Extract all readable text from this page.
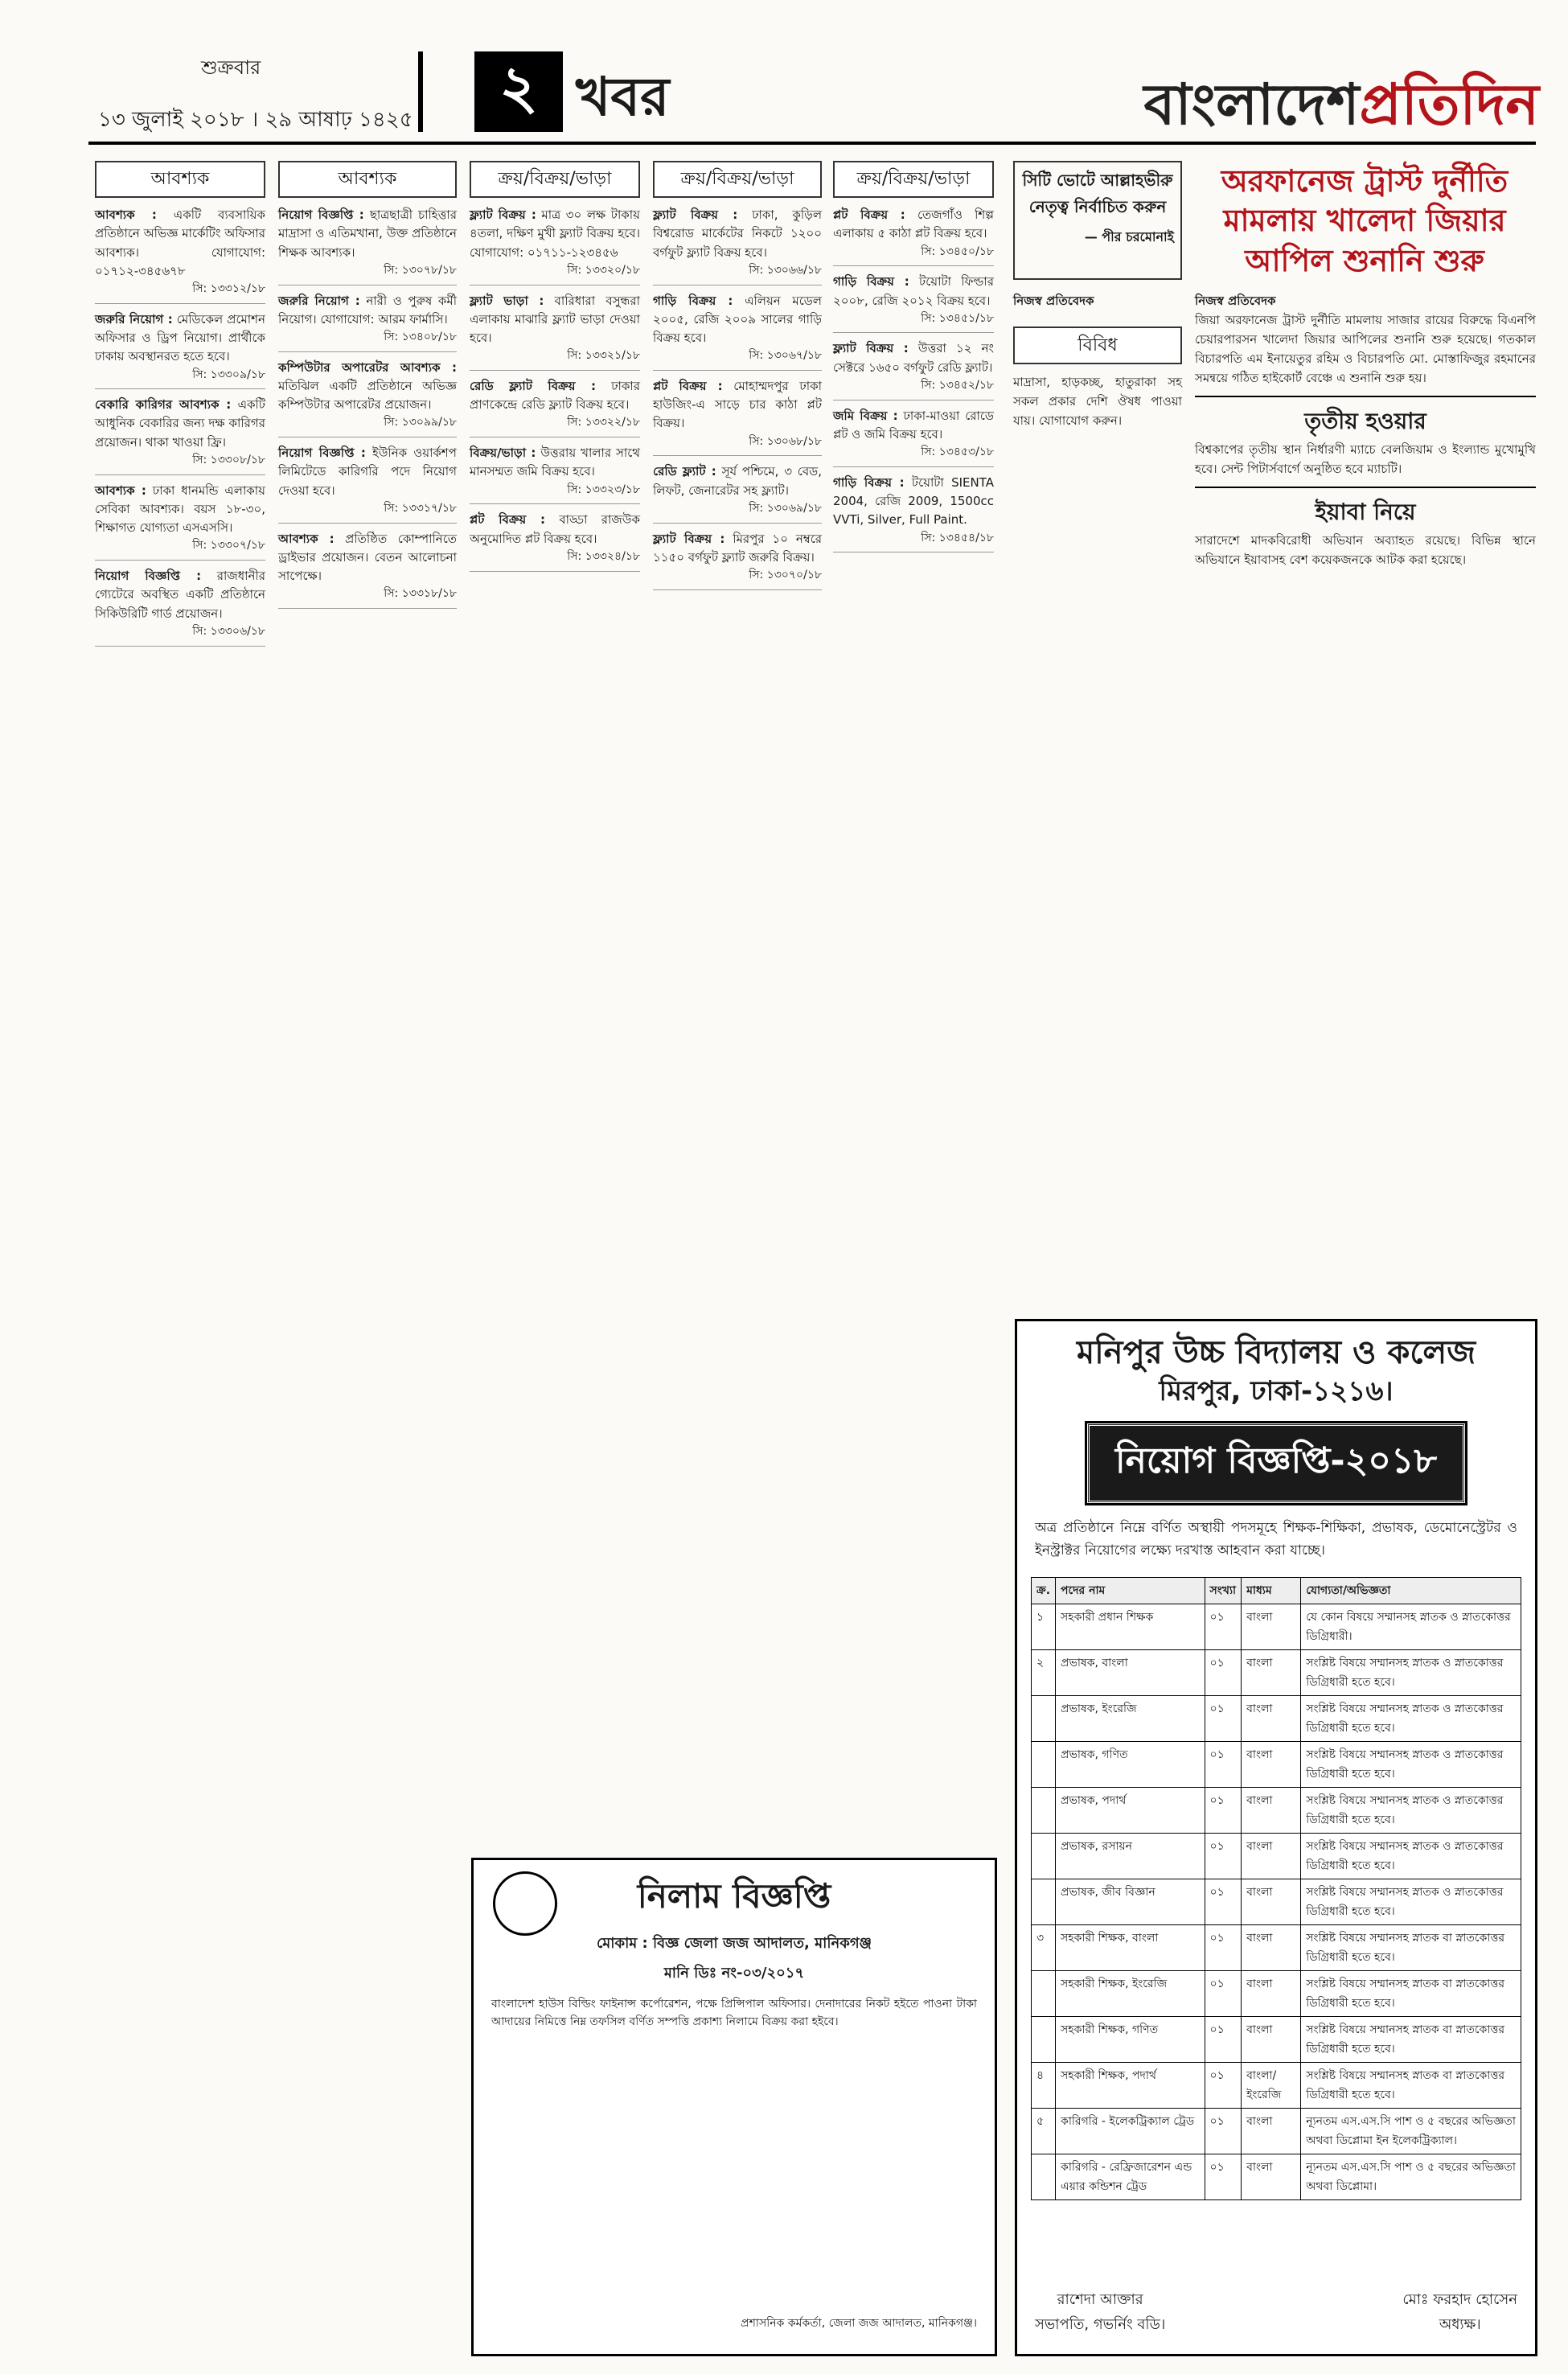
শুক্রবার
১৩ জুলাই ২০১৮ । ২৯ আষাঢ় ১৪২৫	২ খবর	বাংলাদেশপ্রতিদিন
আবশ্যক
আবশ্যক : একটি ব্যবসায়িক প্রতিষ্ঠানে অভিজ্ঞ মার্কেটিং অফিসার আবশ্যক। যোগাযোগ: ০১৭১২-৩৪৫৬৭৮
সি: ১৩৩১২/১৮
জরুরি নিয়োগ : মেডিকেল প্রমোশন অফিসার ও ড্রিপ নিয়োগ। প্রার্থীকে ঢাকায় অবস্থানরত হতে হবে।
সি: ১৩৩০৯/১৮
বেকারি কারিগর আবশ্যক : একটি আধুনিক বেকারির জন্য দক্ষ কারিগর প্রয়োজন। থাকা খাওয়া ফ্রি।
সি: ১৩৩০৮/১৮
আবশ্যক : ঢাকা ধানমন্ডি এলাকায় সেবিকা আবশ্যক। বয়স ১৮-৩০, শিক্ষাগত যোগ্যতা এসএসসি।
সি: ১৩৩০৭/১৮
নিয়োগ বিজ্ঞপ্তি : রাজধানীর গ্যেটেরে অবস্থিত একটি প্রতিষ্ঠানে সিকিউরিটি গার্ড প্রয়োজন।
সি: ১৩৩০৬/১৮
আবশ্যক
নিয়োগ বিজ্ঞপ্তি : ছাত্রছাত্রী চাহিত্তার মাদ্রাসা ও এতিমখানা, উক্ত প্রতিষ্ঠানে শিক্ষক আবশ্যক।
সি: ১৩০৭৮/১৮
জরুরি নিয়োগ : নারী ও পুরুষ কর্মী নিয়োগ। যোগাযোগ: আরম ফার্মাসি।
সি: ১৩৪০৮/১৮
কম্পিউটার অপারেটর আবশ্যক : মতিঝিল একটি প্রতিষ্ঠানে অভিজ্ঞ কম্পিউটার অপারেটর প্রয়োজন।
সি: ১৩০৯৯/১৮
নিয়োগ বিজ্ঞপ্তি : ইউনিক ওয়ার্কশপ লিমিটেডে কারিগরি পদে নিয়োগ দেওয়া হবে।
সি: ১৩৩১৭/১৮
আবশ্যক : প্রতিষ্ঠিত কোম্পানিতে ড্রাইভার প্রয়োজন। বেতন আলোচনা সাপেক্ষে।
সি: ১৩৩১৮/১৮
ক্রয়/বিক্রয়/ভাড়া
ফ্ল্যাট বিক্রয় : মাত্র ৩০ লক্ষ টাকায় ৪তলা, দক্ষিণ মুখী ফ্ল্যাট বিক্রয় হবে। যোগাযোগ: ০১৭১১-১২৩৪৫৬
সি: ১৩৩২০/১৮
ফ্ল্যাট ভাড়া : বারিধারা বসুন্ধরা এলাকায় মাঝারি ফ্ল্যাট ভাড়া দেওয়া হবে।
সি: ১৩৩২১/১৮
রেডি ফ্ল্যাট বিক্রয় : ঢাকার প্রাণকেন্দ্রে রেডি ফ্ল্যাট বিক্রয় হবে।
সি: ১৩৩২২/১৮
বিক্রয়/ভাড়া : উত্তরায় খালার সাথে মানসম্মত জমি বিক্রয় হবে।
সি: ১৩৩২৩/১৮
প্লট বিক্রয় : বাড্ডা রাজউক অনুমোদিত প্লট বিক্রয় হবে।
সি: ১৩৩২৪/১৮
ক্রয়/বিক্রয়/ভাড়া
ফ্ল্যাট বিক্রয় : ঢাকা, কুড়িল বিশ্বরোড মার্কেটের নিকটে ১২০০ বর্গফুট ফ্ল্যাট বিক্রয় হবে।
সি: ১৩০৬৬/১৮
গাড়ি বিক্রয় : এলিয়ন মডেল ২০০৫, রেজি ২০০৯ সালের গাড়ি বিক্রয় হবে।
সি: ১৩০৬৭/১৮
প্লট বিক্রয় : মোহাম্মদপুর ঢাকা হাউজিং-এ সাড়ে চার কাঠা প্লট বিক্রয়।
সি: ১৩০৬৮/১৮
রেডি ফ্ল্যাট : সূর্য পশ্চিমে, ৩ বেড, লিফট, জেনারেটর সহ ফ্ল্যাট।
সি: ১৩০৬৯/১৮
ফ্ল্যাট বিক্রয় : মিরপুর ১০ নম্বরে ১১৫০ বর্গফুট ফ্ল্যাট জরুরি বিক্রয়।
সি: ১৩০৭০/১৮
ক্রয়/বিক্রয়/ভাড়া
প্লট বিক্রয় : তেজগাঁও শিল্প এলাকায় ৫ কাঠা প্লট বিক্রয় হবে।
সি: ১৩৪৫০/১৮
গাড়ি বিক্রয় : টয়োটা ফিল্ডার ২০০৮, রেজি ২০১২ বিক্রয় হবে।
সি: ১৩৪৫১/১৮
ফ্ল্যাট বিক্রয় : উত্তরা ১২ নং সেক্টরে ১৬৫০ বর্গফুট রেডি ফ্ল্যাট।
সি: ১৩৪৫২/১৮
জমি বিক্রয় : ঢাকা-মাওয়া রোডে প্লট ও জমি বিক্রয় হবে।
সি: ১৩৪৫৩/১৮
গাড়ি বিক্রয় : টয়োটা SIENTA 2004, রেজি 2009, 1500cc VVTi, Silver, Full Paint.
সি: ১৩৪৫৪/১৮
সিটি ভোটে আল্লাহভীরু নেতৃত্ব নির্বাচিত করুন
— পীর চরমোনাই
অরফানেজ ট্রাস্ট দুর্নীতি মামলায় খালেদা জিয়ার আপিল শুনানি শুরু
নিজস্ব প্রতিবেদক
বিবিধ
মাদ্রাসা, হাড়কচ্ছ, হাতুরাকা সহ সকল প্রকার দেশি ঔষধ পাওয়া যায়। যোগাযোগ করুন।
নিজস্ব প্রতিবেদক
জিয়া অরফানেজ ট্রাস্ট দুর্নীতি মামলায় সাজার রায়ের বিরুদ্ধে বিএনপি চেয়ারপারসন খালেদা জিয়ার আপিলের শুনানি শুরু হয়েছে। গতকাল বিচারপতি এম ইনায়েতুর রহিম ও বিচারপতি মো. মোস্তাফিজুর রহমানের সমন্বয়ে গঠিত হাইকোর্ট বেঞ্চে এ শুনানি শুরু হয়।
তৃতীয় হওয়ার
বিশ্বকাপের তৃতীয় স্থান নির্ধারণী ম্যাচে বেলজিয়াম ও ইংল্যান্ড মুখোমুখি হবে। সেন্ট পিটার্সবার্গে অনুষ্ঠিত হবে ম্যাচটি।
ইয়াবা নিয়ে
সারাদেশে মাদকবিরোধী অভিযান অব্যাহত রয়েছে। বিভিন্ন স্থানে অভিযানে ইয়াবাসহ বেশ কয়েকজনকে আটক করা হয়েছে।
মনিপুর উচ্চ বিদ্যালয় ও কলেজ
মিরপুর, ঢাকা-১২১৬।
নিয়োগ বিজ্ঞপ্তি-২০১৮
অত্র প্রতিষ্ঠানে নিম্নে বর্ণিত অস্থায়ী পদসমূহে শিক্ষক-শিক্ষিকা, প্রভাষক, ডেমোনেস্ট্রেটর ও ইনস্ট্রাক্টর নিয়োগের লক্ষ্যে দরখাস্ত আহবান করা যাচ্ছে।
ক্র.	পদের নাম	সংখ্যা	মাধ্যম	যোগ্যতা/অভিজ্ঞতা
১	সহকারী প্রধান শিক্ষক	০১	বাংলা	যে কোন বিষয়ে সম্মানসহ স্নাতক ও স্নাতকোত্তর ডিগ্রিধারী।
২	প্রভাষক, বাংলা	০১	বাংলা	সংশ্লিষ্ট বিষয়ে সম্মানসহ স্নাতক ও স্নাতকোত্তর ডিগ্রিধারী হতে হবে।
	প্রভাষক, ইংরেজি	০১	বাংলা	সংশ্লিষ্ট বিষয়ে সম্মানসহ স্নাতক ও স্নাতকোত্তর ডিগ্রিধারী হতে হবে।
	প্রভাষক, গণিত	০১	বাংলা	সংশ্লিষ্ট বিষয়ে সম্মানসহ স্নাতক ও স্নাতকোত্তর ডিগ্রিধারী হতে হবে।
	প্রভাষক, পদার্থ	০১	বাংলা	সংশ্লিষ্ট বিষয়ে সম্মানসহ স্নাতক ও স্নাতকোত্তর ডিগ্রিধারী হতে হবে।
	প্রভাষক, রসায়ন	০১	বাংলা	সংশ্লিষ্ট বিষয়ে সম্মানসহ স্নাতক ও স্নাতকোত্তর ডিগ্রিধারী হতে হবে।
	প্রভাষক, জীব বিজ্ঞান	০১	বাংলা	সংশ্লিষ্ট বিষয়ে সম্মানসহ স্নাতক ও স্নাতকোত্তর ডিগ্রিধারী হতে হবে।
৩	সহকারী শিক্ষক, বাংলা	০১	বাংলা	সংশ্লিষ্ট বিষয়ে সম্মানসহ স্নাতক বা স্নাতকোত্তর ডিগ্রিধারী হতে হবে।
	সহকারী শিক্ষক, ইংরেজি	০১	বাংলা	সংশ্লিষ্ট বিষয়ে সম্মানসহ স্নাতক বা স্নাতকোত্তর ডিগ্রিধারী হতে হবে।
	সহকারী শিক্ষক, গণিত	০১	বাংলা	সংশ্লিষ্ট বিষয়ে সম্মানসহ স্নাতক বা স্নাতকোত্তর ডিগ্রিধারী হতে হবে।
৪	সহকারী শিক্ষক, পদার্থ	০১	বাংলা/ইংরেজি	সংশ্লিষ্ট বিষয়ে সম্মানসহ স্নাতক বা স্নাতকোত্তর ডিগ্রিধারী হতে হবে।
৫	কারিগরি - ইলেকট্রিক্যাল ট্রেড	০১	বাংলা	ন্যূনতম এস.এস.সি পাশ ও ৫ বছরের অভিজ্ঞতা অথবা ডিপ্লোমা ইন ইলেকট্রিক্যাল।
	কারিগরি - রেফ্রিজারেশন এন্ড এয়ার কন্ডিশন ট্রেড	০১	বাংলা	ন্যূনতম এস.এস.সি পাশ ও ৫ বছরের অভিজ্ঞতা অথবা ডিপ্লোমা।
রাশেদা আক্তার
সভাপতি, গভর্নিং বডি।
মোঃ ফরহাদ হোসেন
অধ্যক্ষ।
নিলাম বিজ্ঞপ্তি
মোকাম : বিজ্ঞ জেলা জজ আদালত, মানিকগঞ্জ
মানি ডিঃ নং-০৩/২০১৭
বাংলাদেশ হাউস বিল্ডিং ফাইনান্স কর্পোরেশন, পক্ষে প্রিন্সিপাল অফিসার। দেনাদারের নিকট হইতে পাওনা টাকা আদায়ের নিমিত্তে নিম্ন তফসিল বর্ণিত সম্পত্তি প্রকাশ্য নিলামে বিক্রয় করা হইবে।
প্রশাসনিক কর্মকর্তা, জেলা জজ আদালত, মানিকগঞ্জ।
